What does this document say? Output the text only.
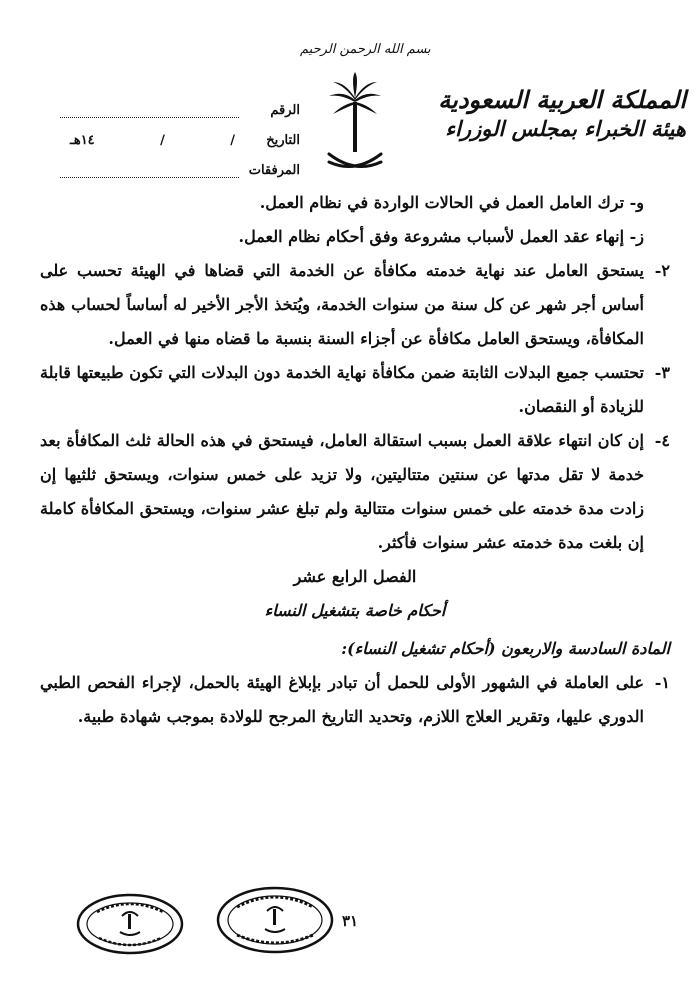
بسم الله الرحمن الرحيم
المملكة العربية السعودية
هيئة الخبراء بمجلس الوزراء
الرقم
التاريخ
/
/
١٤هـ
المرفقات
و- ترك العامل العمل في الحالات الواردة في نظام العمل.
ز- إنهاء عقد العمل لأسباب مشروعة وفق أحكام نظام العمل.
٢-
يستحق العامل عند نهاية خدمته مكافأة عن الخدمة التي قضاها في الهيئة تحسب على أساس أجر شهر عن كل سنة من سنوات الخدمة، ويُتخذ الأجر الأخير له أساساً لحساب هذه المكافأة، ويستحق العامل مكافأة عن أجزاء السنة بنسبة ما قضاه منها في العمل.
٣-
تحتسب جميع البدلات الثابتة ضمن مكافأة نهاية الخدمة دون البدلات التي تكون طبيعتها قابلة للزيادة أو النقصان.
٤-
إن كان انتهاء علاقة العمل بسبب استقالة العامل، فيستحق في هذه الحالة ثلث المكافأة بعد خدمة لا تقل مدتها عن سنتين متتاليتين، ولا تزيد على خمس سنوات، ويستحق ثلثيها إن زادت مدة خدمته على خمس سنوات متتالية ولم تبلغ عشر سنوات، ويستحق المكافأة كاملة إن بلغت مدة خدمته عشر سنوات فأكثر.
الفصل الرابع عشر
أحكام خاصة بتشغيل النساء
المادة السادسة والاربعون (أحكام تشغيل النساء):
١-
على العاملة في الشهور الأولى للحمل أن تبادر بإبلاغ الهيئة بالحمل، لإجراء الفحص الطبي الدوري عليها، وتقرير العلاج اللازم، وتحديد التاريخ المرجح للولادة بموجب شهادة طبية.
٣١
